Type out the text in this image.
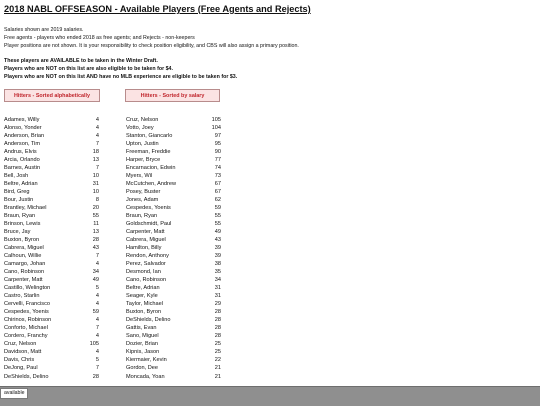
2018 NABL OFFSEASON - Available Players (Free Agents and Rejects)
Salaries shown are 2019 salaries.
Free agents - players who ended 2018 as free agents; and Rejects - non-keepers
Player positions are not shown. It is your responsibility to check position eligibility, and CBS will also assign a primary position.
These players are AVAILABLE to be taken in the Winter Draft.
Players who are NOT on this list are also eligible to be taken for $4.
Players who are NOT on this list AND have no MLB experience are eligible to be taken for $3.
Hitters - Sorted alphabetically	Hitters - Sorted by salary
Adames, Willy	4
Alonso, Yonder	4
Anderson, Brian	4
Anderson, Tim	7
Andrus, Elvis	18
Arcia, Orlando	13
Barnes, Austin	7
Bell, Josh	10
Beltre, Adrian	31
Bird, Greg	10
Bour, Justin	8
Brantley, Michael	20
Braun, Ryan	55
Brinson, Lewis	11
Bruce, Jay	13
Buxton, Byron	28
Cabrera, Miguel	43
Calhoun, Willie	7
Camargo, Johan	4
Cano, Robinson	34
Carpenter, Matt	49
Castillo, Welington	5
Castro, Starlin	4
Cervelli, Francisco	4
Cespedes, Yoenis	59
Chirinos, Robinson	4
Conforto, Michael	7
Cordero, Franchy	4
Cruz, Nelson	105
Davidson, Matt	4
Davis, Chris	5
DeJong, Paul	7
DeShields, Delino	28
Cruz, Nelson	105
Votto, Joey	104
Stanton, Giancarlo	97
Upton, Justin	95
Freeman, Freddie	90
Harper, Bryce	77
Encarnacion, Edwin	74
Myers, Wil	73
McCutchen, Andrew	67
Posey, Buster	67
Jones, Adam	62
Cespedes, Yoenis	59
Braun, Ryan	55
Goldschmidt, Paul	55
Carpenter, Matt	49
Cabrera, Miguel	43
Hamilton, Billy	39
Rendon, Anthony	39
Perez, Salvador	38
Desmond, Ian	35
Cano, Robinson	34
Beltre, Adrian	31
Seager, Kyle	31
Taylor, Michael	29
Buxton, Byron	28
DeShields, Delino	28
Gattis, Evan	28
Sano, Miguel	28
Dozier, Brian	25
Kipnis, Jason	25
Kiermaier, Kevin	22
Gordon, Dee	21
Moncada, Yoan	21
available
